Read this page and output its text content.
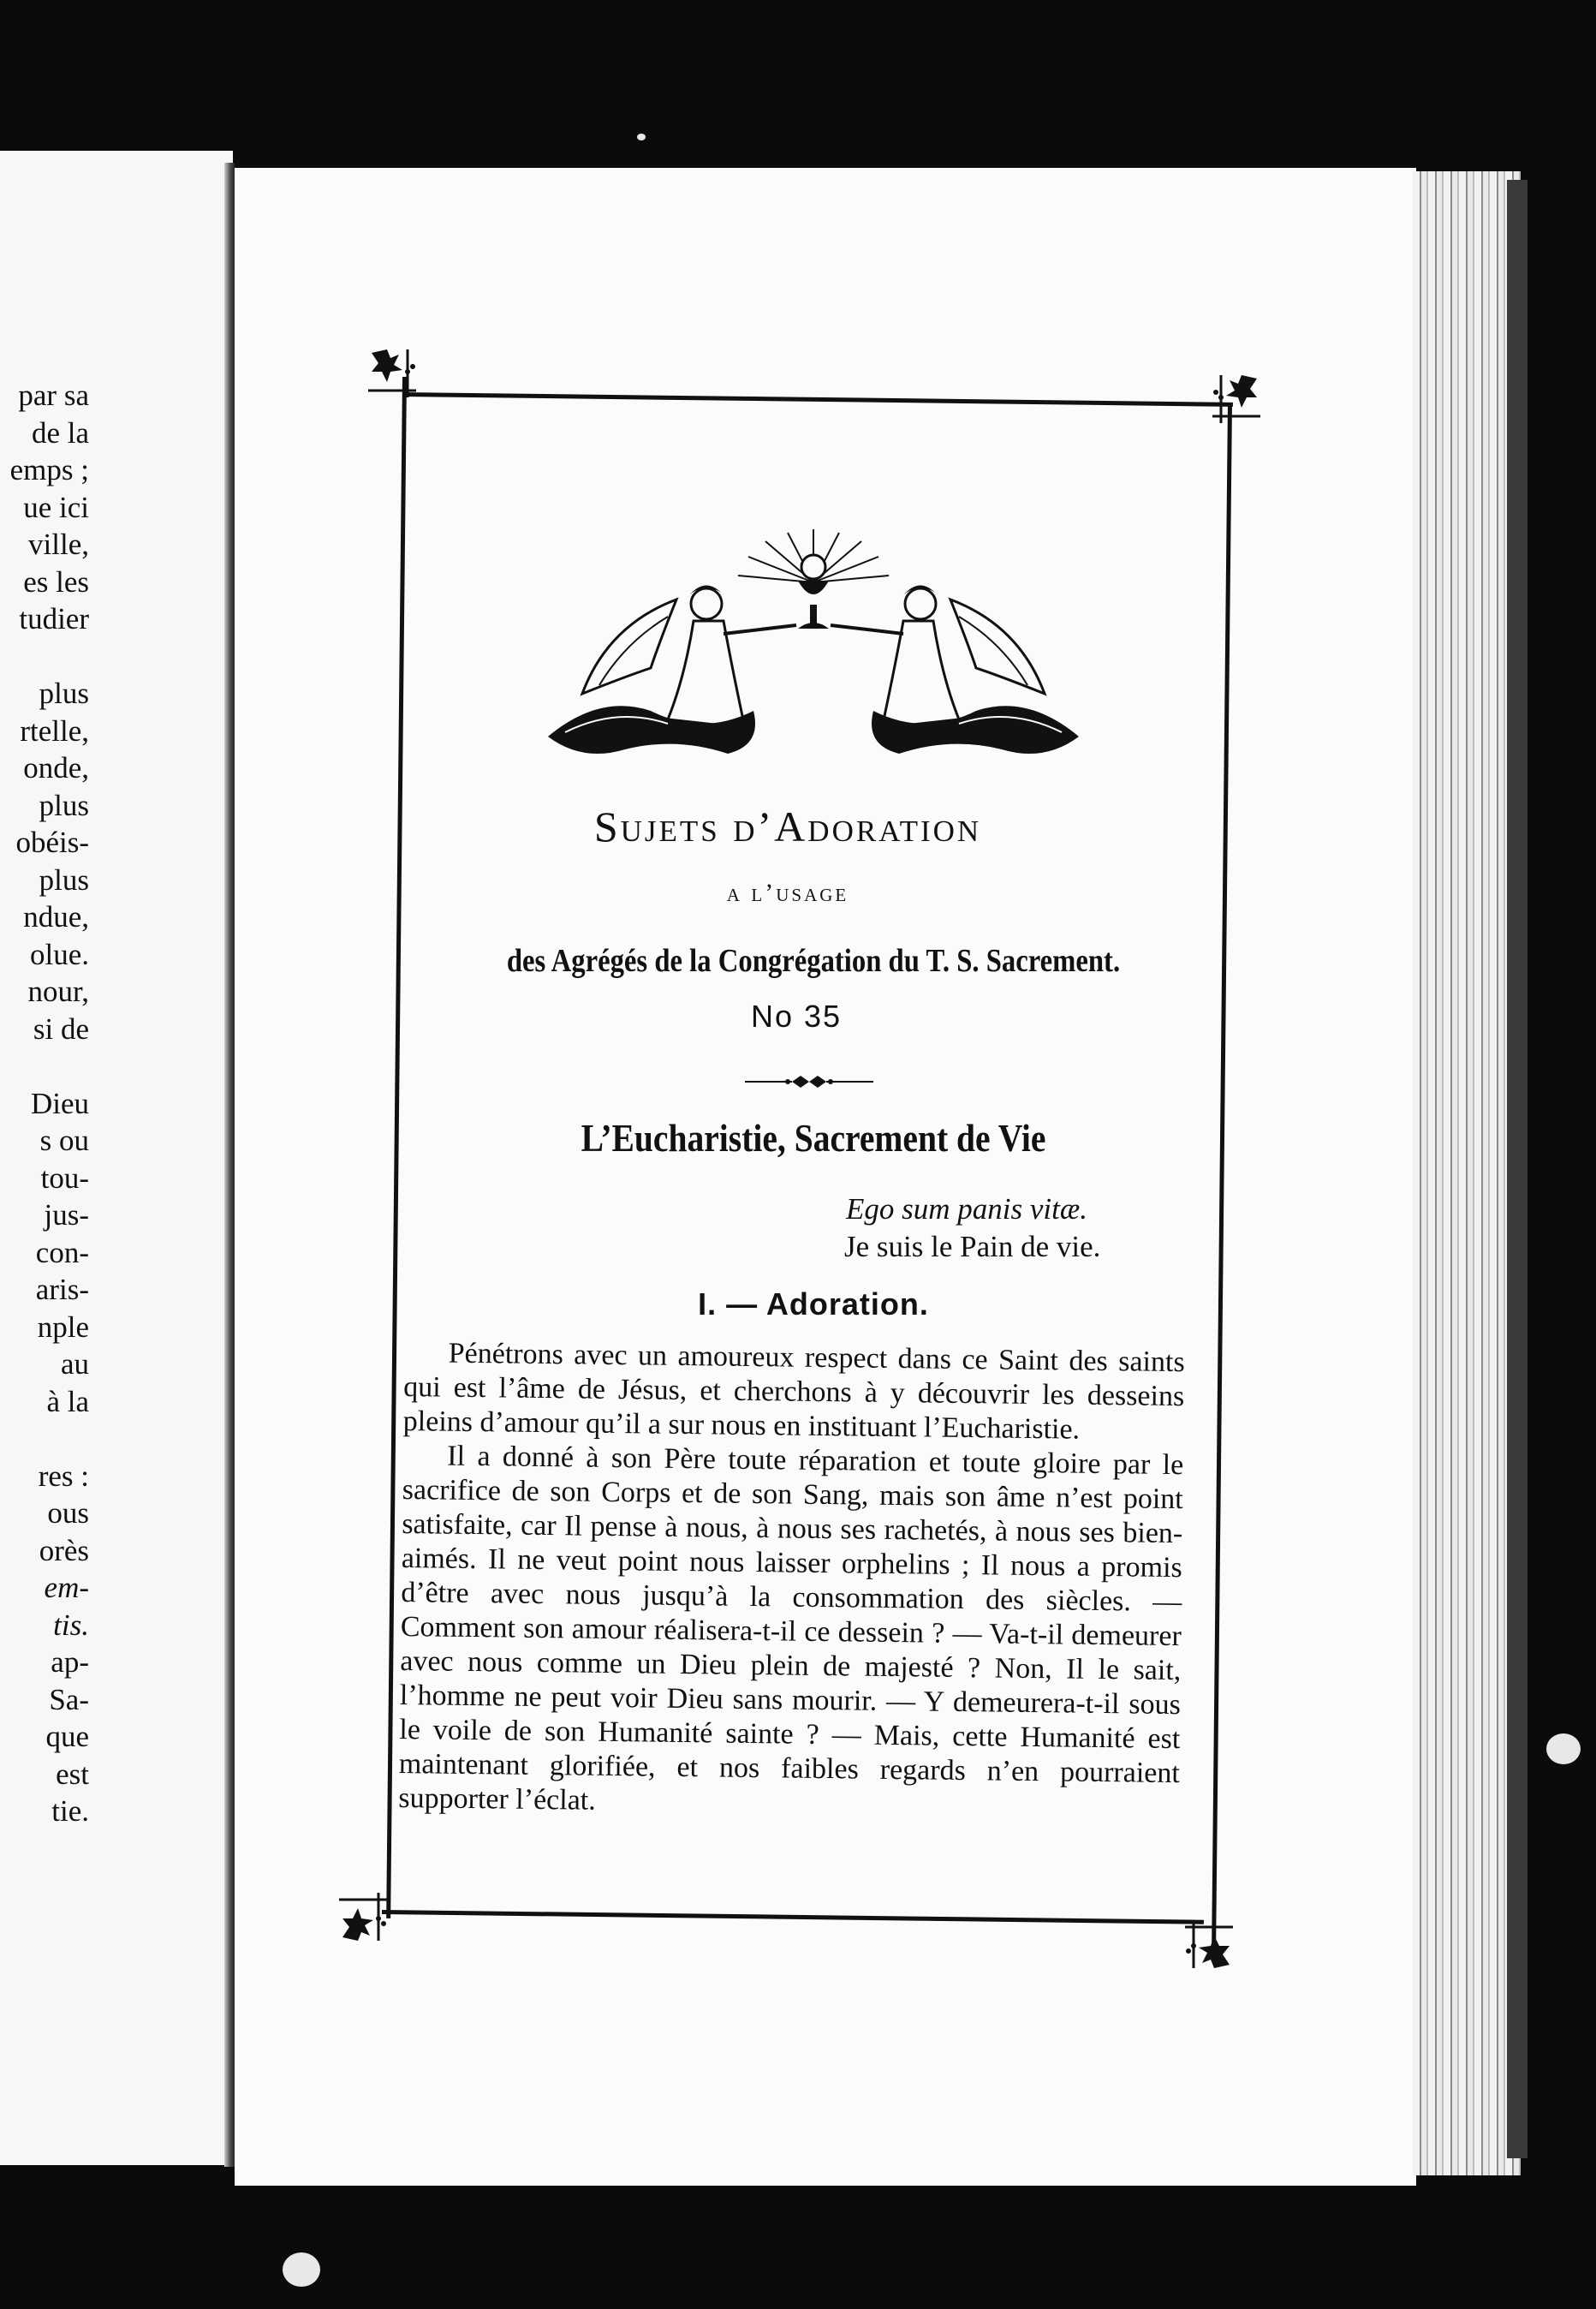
par sa
de la
emps ;
ue ici
ville,
es les
tudier
plus
rtelle,
onde,
plus
obéis-
plus
ndue,
olue.
nour,
si de
Dieu
s ou
tou-
jus-
con-
aris-
nple
au
à la
res :
ous
orès
em-
tis.
ap-
Sa-
que
est
tie.
Sujets d’Adoration
a l’usage
des Agrégés de la Congrégation du T. S. Sacrement.
No 35
L’Eucharistie, Sacrement de Vie
Ego sum panis vitæ.
Je suis le Pain de vie.
I. — Adoration.

Pénétrons avec un amoureux respect dans ce Saint des saints qui est l’âme de Jésus, et cherchons à y découvrir les desseins pleins d’amour qu’il a sur nous en instituant l’Eucharistie.

Il a donné à son Père toute réparation et toute gloire par le sacrifice de son Corps et de son Sang, mais son âme n’est point satisfaite, car Il pense à nous, à nous ses rachetés, à nous ses bien-aimés. Il ne veut point nous laisser orphelins ; Il nous a promis d’être avec nous jusqu’à la consommation des siècles. — Comment son amour réalisera-t-il ce dessein ? — Va-t-il demeurer avec nous comme un Dieu plein de majesté ? Non, Il le sait, l’homme ne peut voir Dieu sans mourir. — Y demeurera-t-il sous le voile de son Humanité sainte ? — Mais, cette Humanité est maintenant glorifiée, et nos faibles regards n’en pourraient supporter l’éclat.
